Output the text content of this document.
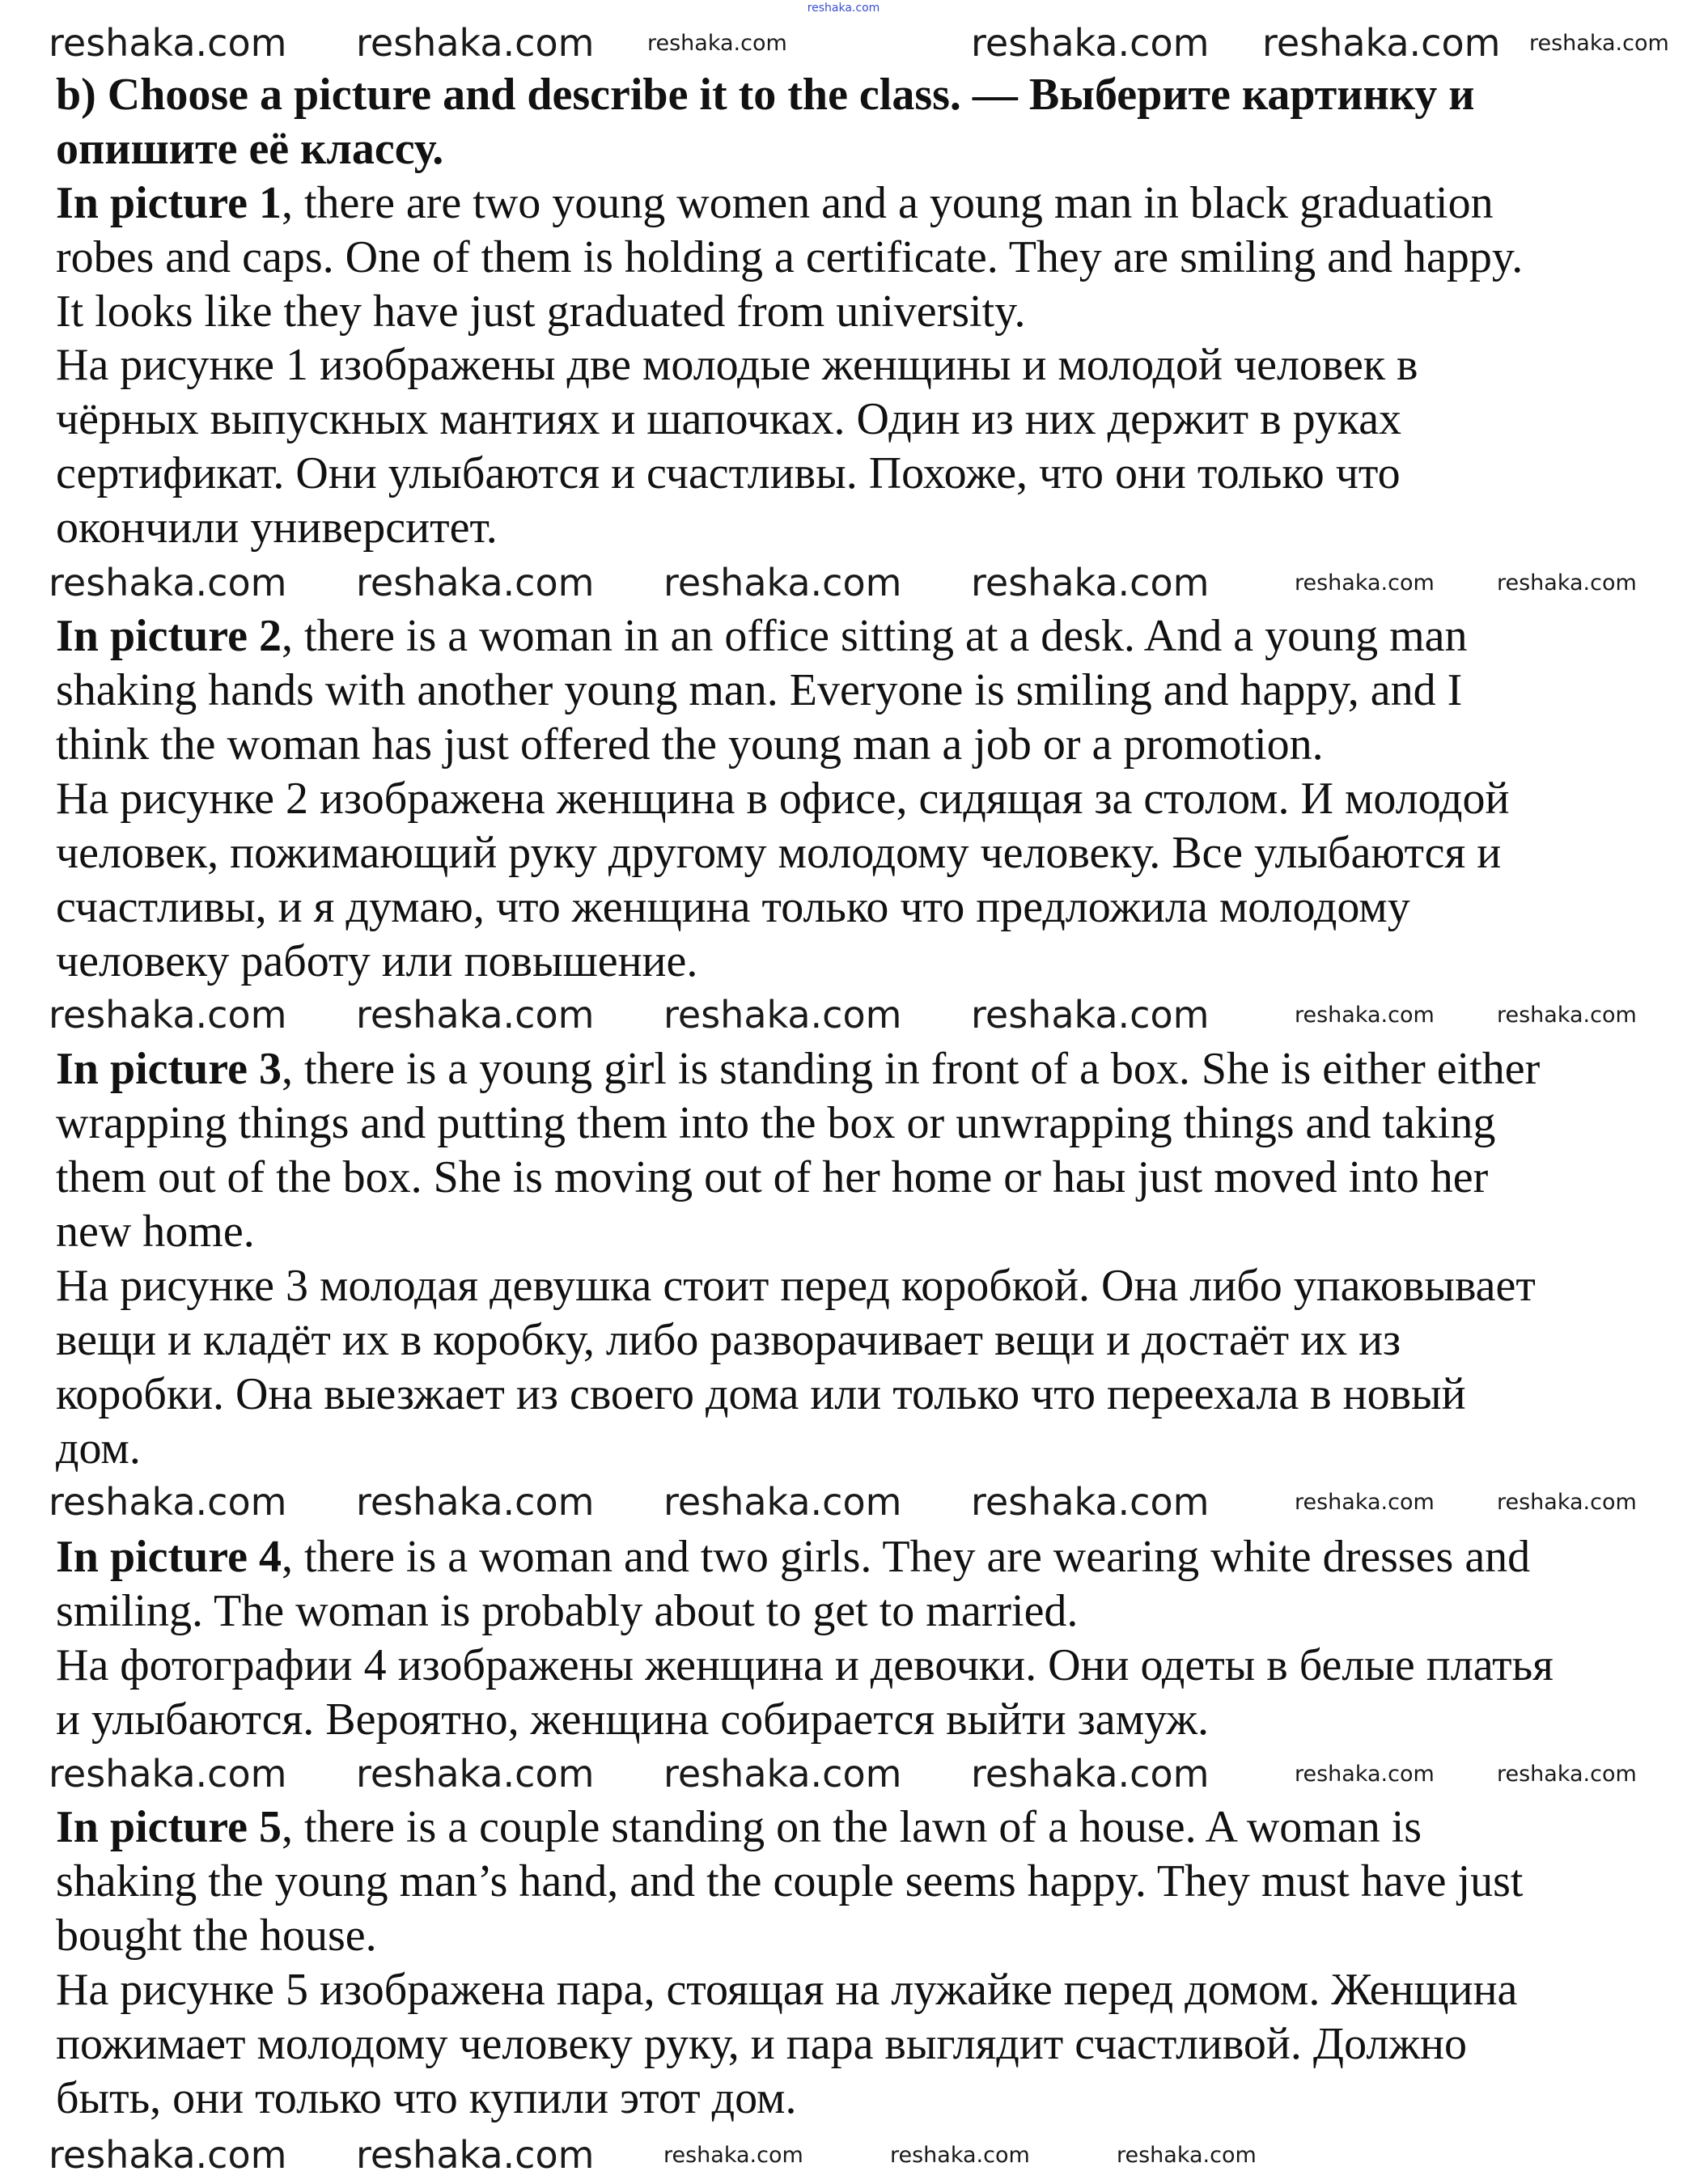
reshaka.com
b) Choose a picture and describe it to the class. — Выберите картинку и
опишите её классу.
In picture 1, there are two young women and a young man in black graduation
robes and caps. One of them is holding a certificate. They are smiling and happy.
It looks like they have just graduated from university.
На рисунке 1 изображены две молодые женщины и молодой человек в
чёрных выпускных мантиях и шапочках. Один из них держит в руках
сертификат. Они улыбаются и счастливы. Похоже, что они только что
окончили университет.
In picture 2, there is a woman in an office sitting at a desk. And a young man
shaking hands with another young man. Everyone is smiling and happy, and I
think the woman has just offered the young man a job or a promotion.
На рисунке 2 изображена женщина в офисе, сидящая за столом. И молодой
человек, пожимающий руку другому молодому человеку. Все улыбаются и
счастливы, и я думаю, что женщина только что предложила молодому
человеку работу или повышение.
In picture 3, there is a young girl is standing in front of a box. She is either either
wrapping things and putting them into the box or unwrapping things and taking
them out of the box. She is moving out of her home or haы just moved into her
new home.
На рисунке 3 молодая девушка стоит перед коробкой. Она либо упаковывает
вещи и кладёт их в коробку, либо разворачивает вещи и достаёт их из
коробки. Она выезжает из своего дома или только что переехала в новый
дом.
In picture 4, there is a woman and two girls. They are wearing white dresses and
smiling. The woman is probably about to get to married.
На фотографии 4 изображены женщина и девочки. Они одеты в белые платья
и улыбаются. Вероятно, женщина собирается выйти замуж.
In picture 5, there is a couple standing on the lawn of a house. A woman is
shaking the young man’s hand, and the couple seems happy. They must have just
bought the house.
На рисунке 5 изображена пара, стоящая на лужайке перед домом. Женщина
пожимает молодому человеку руку, и пара выглядит счастливой. Должно
быть, они только что купили этот дом.
reshaka.com reshaka.com	reshaka.com reshaka.com
reshaka.com	reshaka.com
reshaka.com reshaka.com reshaka.com reshaka.com	reshaka.com	reshaka.com
reshaka.com reshaka.com reshaka.com reshaka.com	reshaka.com	reshaka.com
reshaka.com reshaka.com reshaka.com reshaka.com	reshaka.com	reshaka.com
reshaka.com reshaka.com reshaka.com reshaka.com	reshaka.com	reshaka.com
reshaka.com reshaka.com	reshaka.com	reshaka.com	reshaka.com
